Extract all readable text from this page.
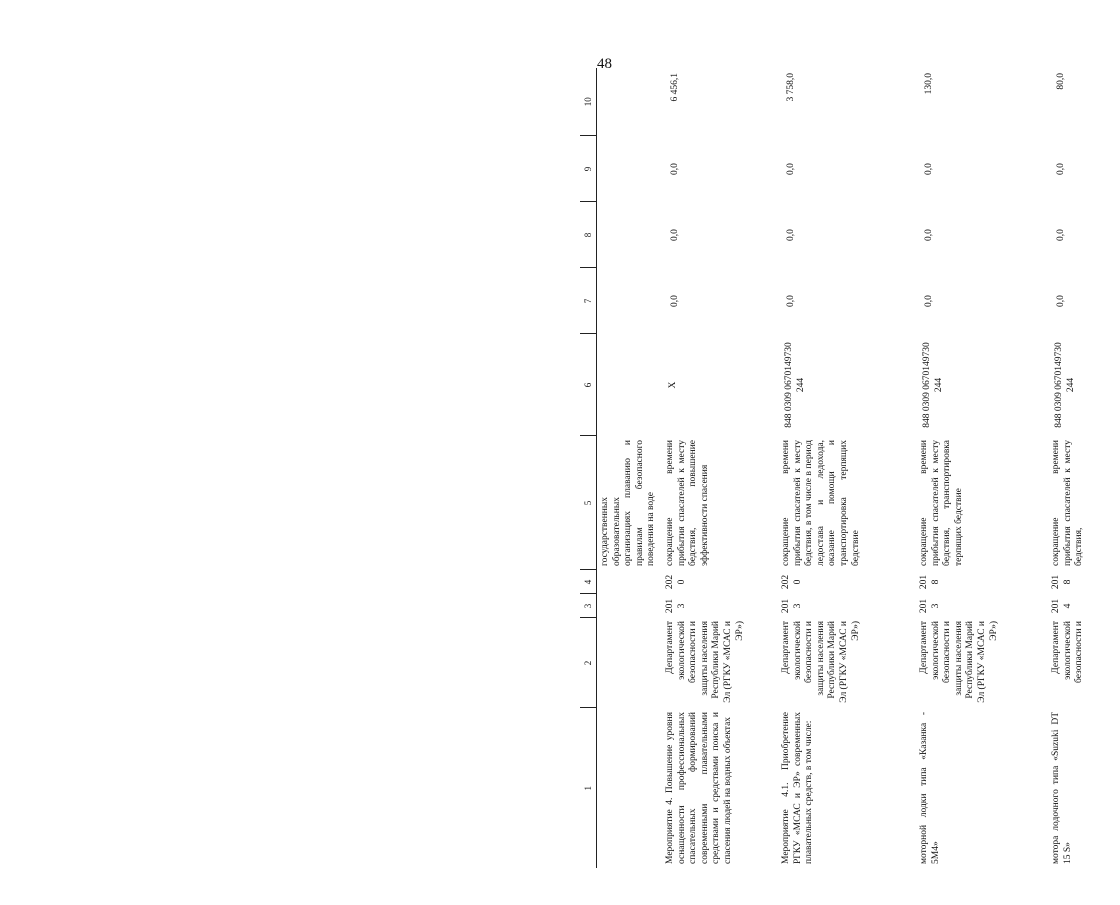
48
1	2	3	4	5	6	7	8	9	10
				государственных образовательных организациях плаванию и правилам безопасного поведения на воде					
Мероприятие 4. Повышение уровня оснащенности профессиональных спасательных формирований современными плавательными средствами и средствами поиска и спасения людей на водных объектах	Департамент экологической безопасности и защиты населения Республики Марий Эл (РГКУ «МСАС и ЭР»)	2013	2020	сокращение времени прибытия спасателей к месту бедствия, повышение эффективности спасения	X	0,0	0,0	0,0	6 456,1
Мероприятие 4.1. Приобретение РГКУ «МСАС и ЭР» современных плавательных средств, в том числе:	Департамент экологической безопасности и защиты населения Республики Марий Эл (РГКУ «МСАС и ЭР»)	2013	2020	сокращение времени прибытия спасателей к месту бедствия, в том числе в период ледостава и ледохода, оказание помощи и транспортировка терпящих бедствие	848 0309 0670149730 244	0,0	0,0	0,0	3 758,0
моторной лодки типа «Казанка - 5М4»	Департамент экологической безопасности и защиты населения Республики Марий Эл (РГКУ «МСАС и ЭР»)	2013	2018	сокращение времени прибытия спасателей к месту бедствия, транспортировка терпящих бедствие	848 0309 0670149730 244	0,0	0,0	0,0	130,0
мотора лодочного типа «Suzuki DT 15 S»	Департамент экологической безопасности и	2014	2018	сокращение времени прибытия спасателей к месту бедствия,	848 0309 0670149730 244	0,0	0,0	0,0	80,0
